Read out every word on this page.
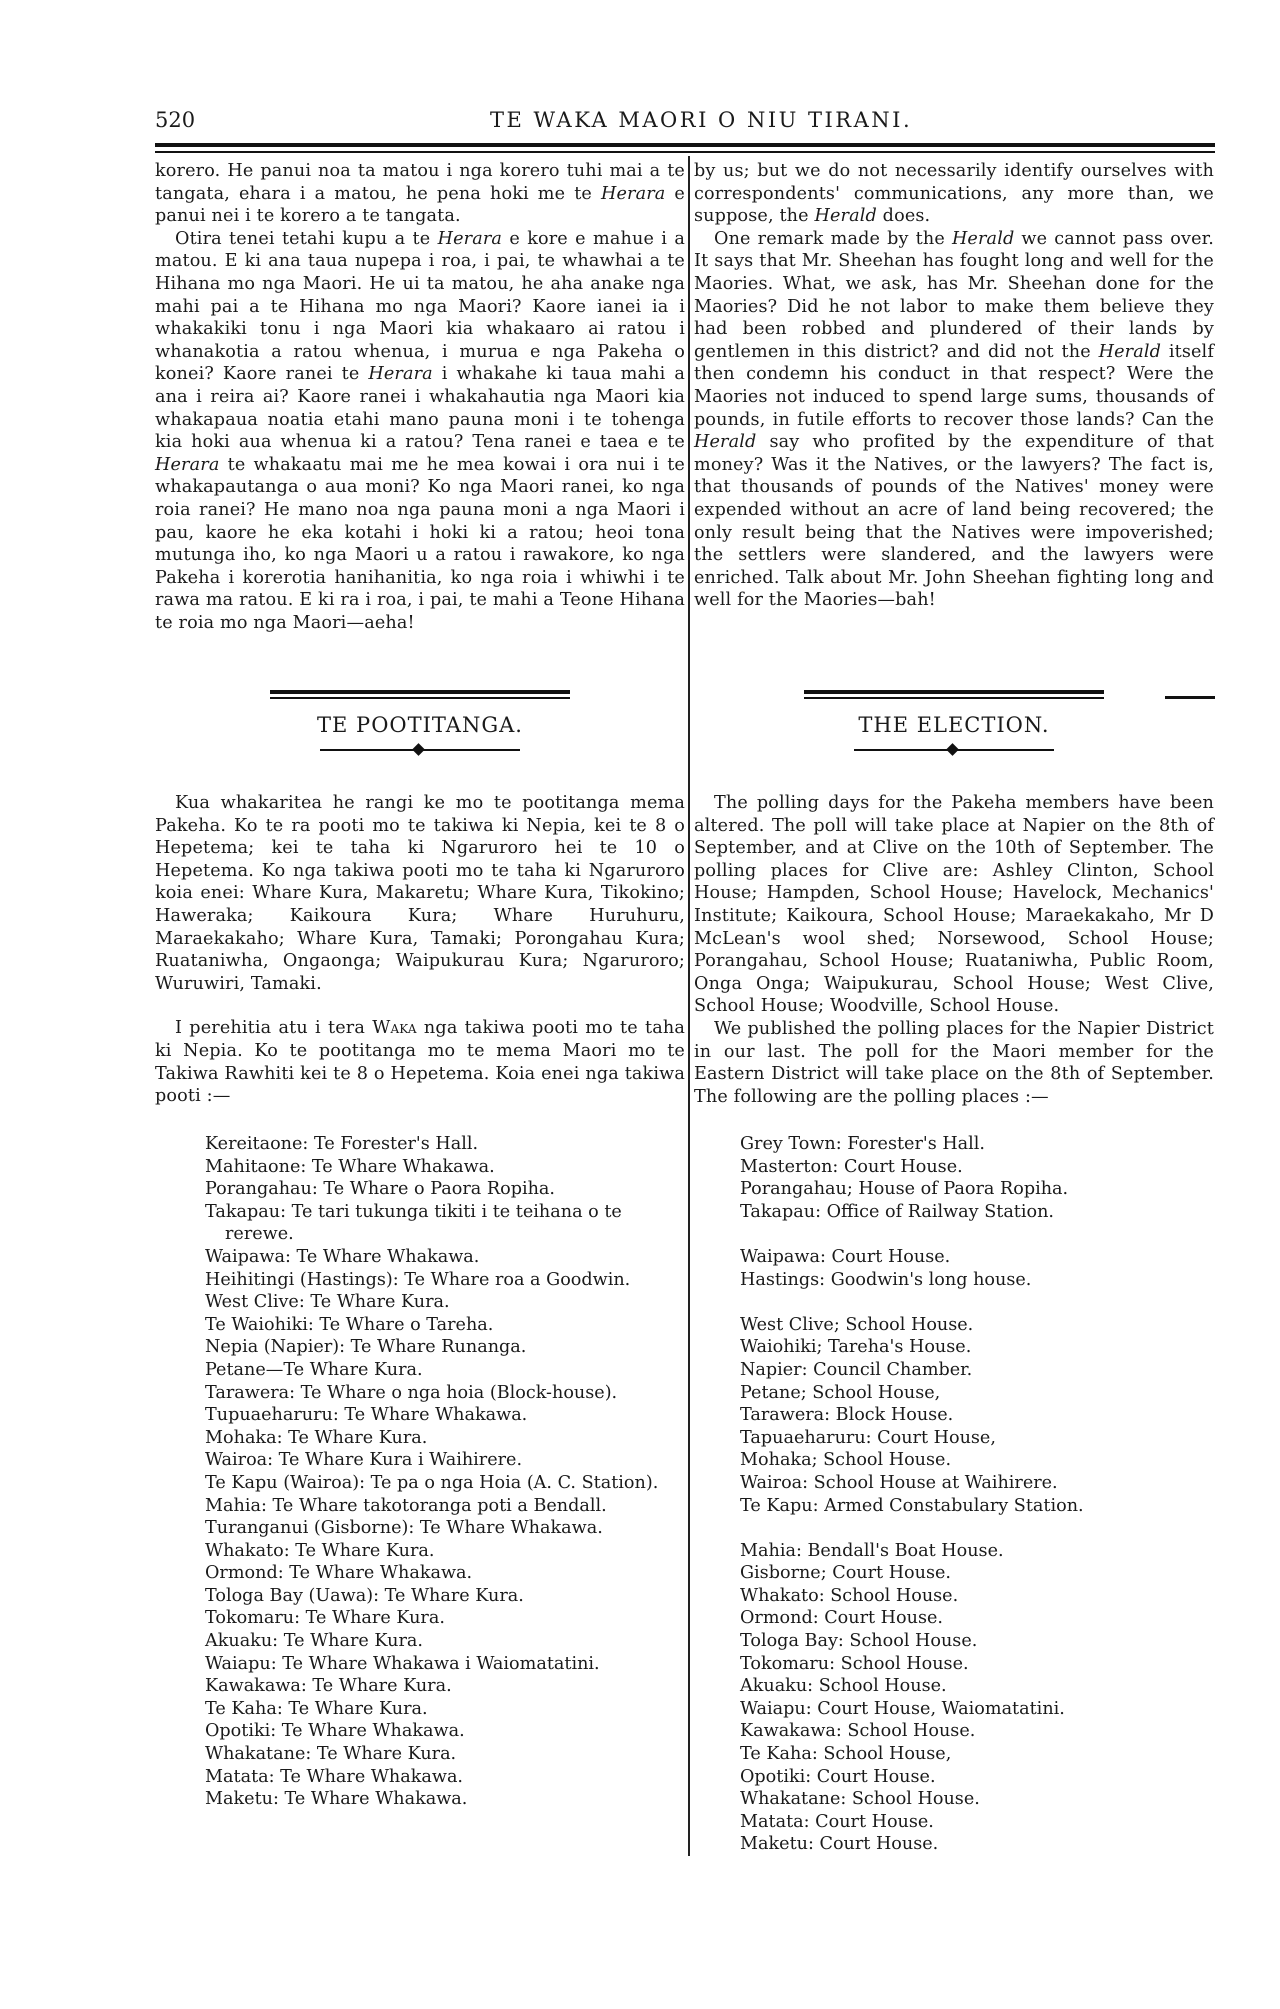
520	TE WAKA MAORI O NIU TIRANI.

korero. He panui noa ta matou i nga korero tuhi mai a te tangata, ehara i a matou, he pena hoki me te Herara e panui nei i te korero a te tangata.

Otira tenei tetahi kupu a te Herara e kore e mahue i a matou. E ki ana taua nupepa i roa, i pai, te whawhai a te Hihana mo nga Maori. He ui ta matou, he aha anake nga mahi pai a te Hihana mo nga Maori? Kaore ianei ia i whakakiki tonu i nga Maori kia whakaaro ai ratou i whanakotia a ratou whenua, i murua e nga Pakeha o konei? Kaore ranei te Herara i whakahe ki taua mahi a ana i reira ai? Kaore ranei i whakahautia nga Maori kia whakapaua noatia etahi mano pauna moni i te tohenga kia hoki aua whenua ki a ratou? Tena ranei e taea e te Herara te whakaatu mai me he mea kowai i ora nui i te whakapautanga o aua moni? Ko nga Maori ranei, ko nga roia ranei? He mano noa nga pauna moni a nga Maori i pau, kaore he eka kotahi i hoki ki a ratou; heoi tona mutunga iho, ko nga Maori u a ratou i rawakore, ko nga Pakeha i korerotia hanihanitia, ko nga roia i whiwhi i te rawa ma ratou. E ki ra i roa, i pai, te mahi a Teone Hihana te roia mo nga Maori—aeha!

by us; but we do not necessarily identify ourselves with correspondents' communications, any more than, we suppose, the Herald does.

One remark made by the Herald we cannot pass over. It says that Mr. Sheehan has fought long and well for the Maories. What, we ask, has Mr. Sheehan done for the Maories? Did he not labor to make them believe they had been robbed and plundered of their lands by gentlemen in this district? and did not the Herald itself then condemn his conduct in that respect? Were the Maories not induced to spend large sums, thousands of pounds, in futile efforts to recover those lands? Can the Herald say who profited by the expenditure of that money? Was it the Natives, or the lawyers? The fact is, that thousands of pounds of the Natives' money were expended without an acre of land being recovered; the only result being that the Natives were impoverished; the settlers were slandered, and the lawyers were enriched. Talk about Mr. John Sheehan fighting long and well for the Maories—bah!

TE POOTITANGA.

Kua whakaritea he rangi ke mo te pootitanga mema Pakeha. Ko te ra pooti mo te takiwa ki Nepia, kei te 8 o Hepetema; kei te taha ki Ngaruroro hei te 10 o Hepetema. Ko nga takiwa pooti mo te taha ki Ngaruroro koia enei: Whare Kura, Makaretu; Whare Kura, Tikokino; Haweraka; Kaikoura Kura; Whare Huruhuru, Maraekakaho; Whare Kura, Tamaki; Porongahau Kura; Ruataniwha, Ongaonga; Waipukurau Kura; Ngaruroro; Wuruwiri, Tamaki.

I perehitia atu i tera Waka nga takiwa pooti mo te taha ki Nepia. Ko te pootitanga mo te mema Maori mo te Takiwa Rawhiti kei te 8 o Hepetema. Koia enei nga takiwa pooti :—

Kereitaone: Te Forester's Hall.
Mahitaone: Te Whare Whakawa.
Porangahau: Te Whare o Paora Ropiha.
Takapau: Te tari tukunga tikiti i te teihana o te rerewe.
Waipawa: Te Whare Whakawa.
Heihitingi (Hastings): Te Whare roa a Goodwin.
West Clive: Te Whare Kura.
Te Waiohiki: Te Whare o Tareha.
Nepia (Napier): Te Whare Runanga.
Petane—Te Whare Kura.
Tarawera: Te Whare o nga hoia (Block-house).
Tupuaeharuru: Te Whare Whakawa.
Mohaka: Te Whare Kura.
Wairoa: Te Whare Kura i Waihirere.
Te Kapu (Wairoa): Te pa o nga Hoia (A. C. Station).
Mahia: Te Whare takotoranga poti a Bendall.
Turanganui (Gisborne): Te Whare Whakawa.
Whakato: Te Whare Kura.
Ormond: Te Whare Whakawa.
Tologa Bay (Uawa): Te Whare Kura.
Tokomaru: Te Whare Kura.
Akuaku: Te Whare Kura.
Waiapu: Te Whare Whakawa i Waiomatatini.
Kawakawa: Te Whare Kura.
Te Kaha: Te Whare Kura.
Opotiki: Te Whare Whakawa.
Whakatane: Te Whare Kura.
Matata: Te Whare Whakawa.
Maketu: Te Whare Whakawa.
THE ELECTION.

The polling days for the Pakeha members have been altered. The poll will take place at Napier on the 8th of September, and at Clive on the 10th of September. The polling places for Clive are: Ashley Clinton, School House; Hampden, School House; Havelock, Mechanics' Institute; Kaikoura, School House; Maraekakaho, Mr D McLean's wool shed; Norsewood, School House; Porangahau, School House; Ruataniwha, Public Room, Onga Onga; Waipukurau, School House; West Clive, School House; Woodville, School House.

We published the polling places for the Napier District in our last. The poll for the Maori member for the Eastern District will take place on the 8th of September. The following are the polling places :—

Grey Town: Forester's Hall.
Masterton: Court House.
Porangahau; House of Paora Ropiha.
Takapau: Office of Railway Station.
Waipawa: Court House.
Hastings: Goodwin's long house.
West Clive; School House.
Waiohiki; Tareha's House.
Napier: Council Chamber.
Petane; School House,
Tarawera: Block House.
Tapuaeharuru: Court House,
Mohaka; School House.
Wairoa: School House at Waihirere.
Te Kapu: Armed Constabulary Station.
Mahia: Bendall's Boat House.
Gisborne; Court House.
Whakato: School House.
Ormond: Court House.
Tologa Bay: School House.
Tokomaru: School House.
Akuaku: School House.
Waiapu: Court House, Waiomatatini.
Kawakawa: School House.
Te Kaha: School House,
Opotiki: Court House.
Whakatane: School House.
Matata: Court House.
Maketu: Court House.
